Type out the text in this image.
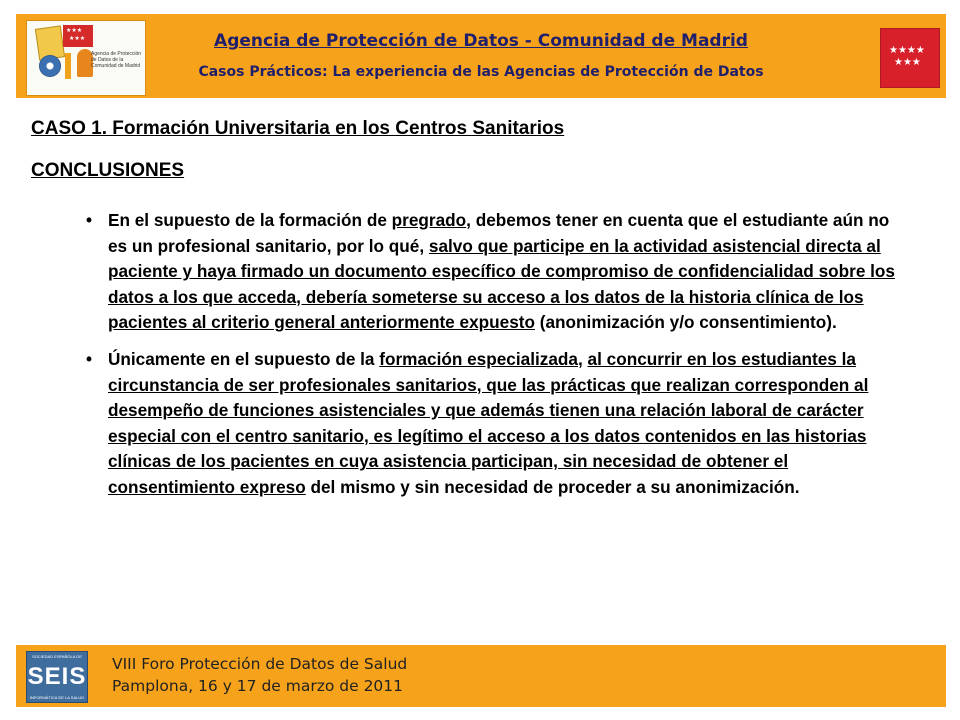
★★★
★★★
Agencia de Protección de Datos de la Comunidad de Madrid
Agencia de Protección de Datos - Comunidad de Madrid
Casos Prácticos: La experiencia de las Agencias de Protección de Datos
★★★★
★★★
CASO 1. Formación Universitaria en los Centros Sanitarios
CONCLUSIONES
• En el supuesto de la formación de pregrado, debemos tener en cuenta que el estudiante aún no es un profesional sanitario, por lo qué, salvo que participe en la actividad asistencial directa al paciente y haya firmado un documento específico de compromiso de confidencialidad sobre los datos a los que acceda, debería someterse su acceso a los datos de la historia clínica de los pacientes al criterio general anteriormente expuesto (anonimización y/o consentimiento).
• Únicamente en el supuesto de la formación especializada, al concurrir en los estudiantes la circunstancia de ser profesionales sanitarios, que las prácticas que realizan corresponden al desempeño de funciones asistenciales y que además tienen una relación laboral de carácter especial con el centro sanitario, es legítimo el acceso a los datos contenidos en las historias clínicas de los pacientes en cuya asistencia participan, sin necesidad de obtener el consentimiento expreso del mismo y sin necesidad de proceder a su anonimización.
SOCIEDAD ESPAÑOLA DE
SEIS
INFORMÁTICA DE LA SALUD
VIII Foro Protección de Datos de Salud
Pamplona, 16 y 17 de marzo de 2011
